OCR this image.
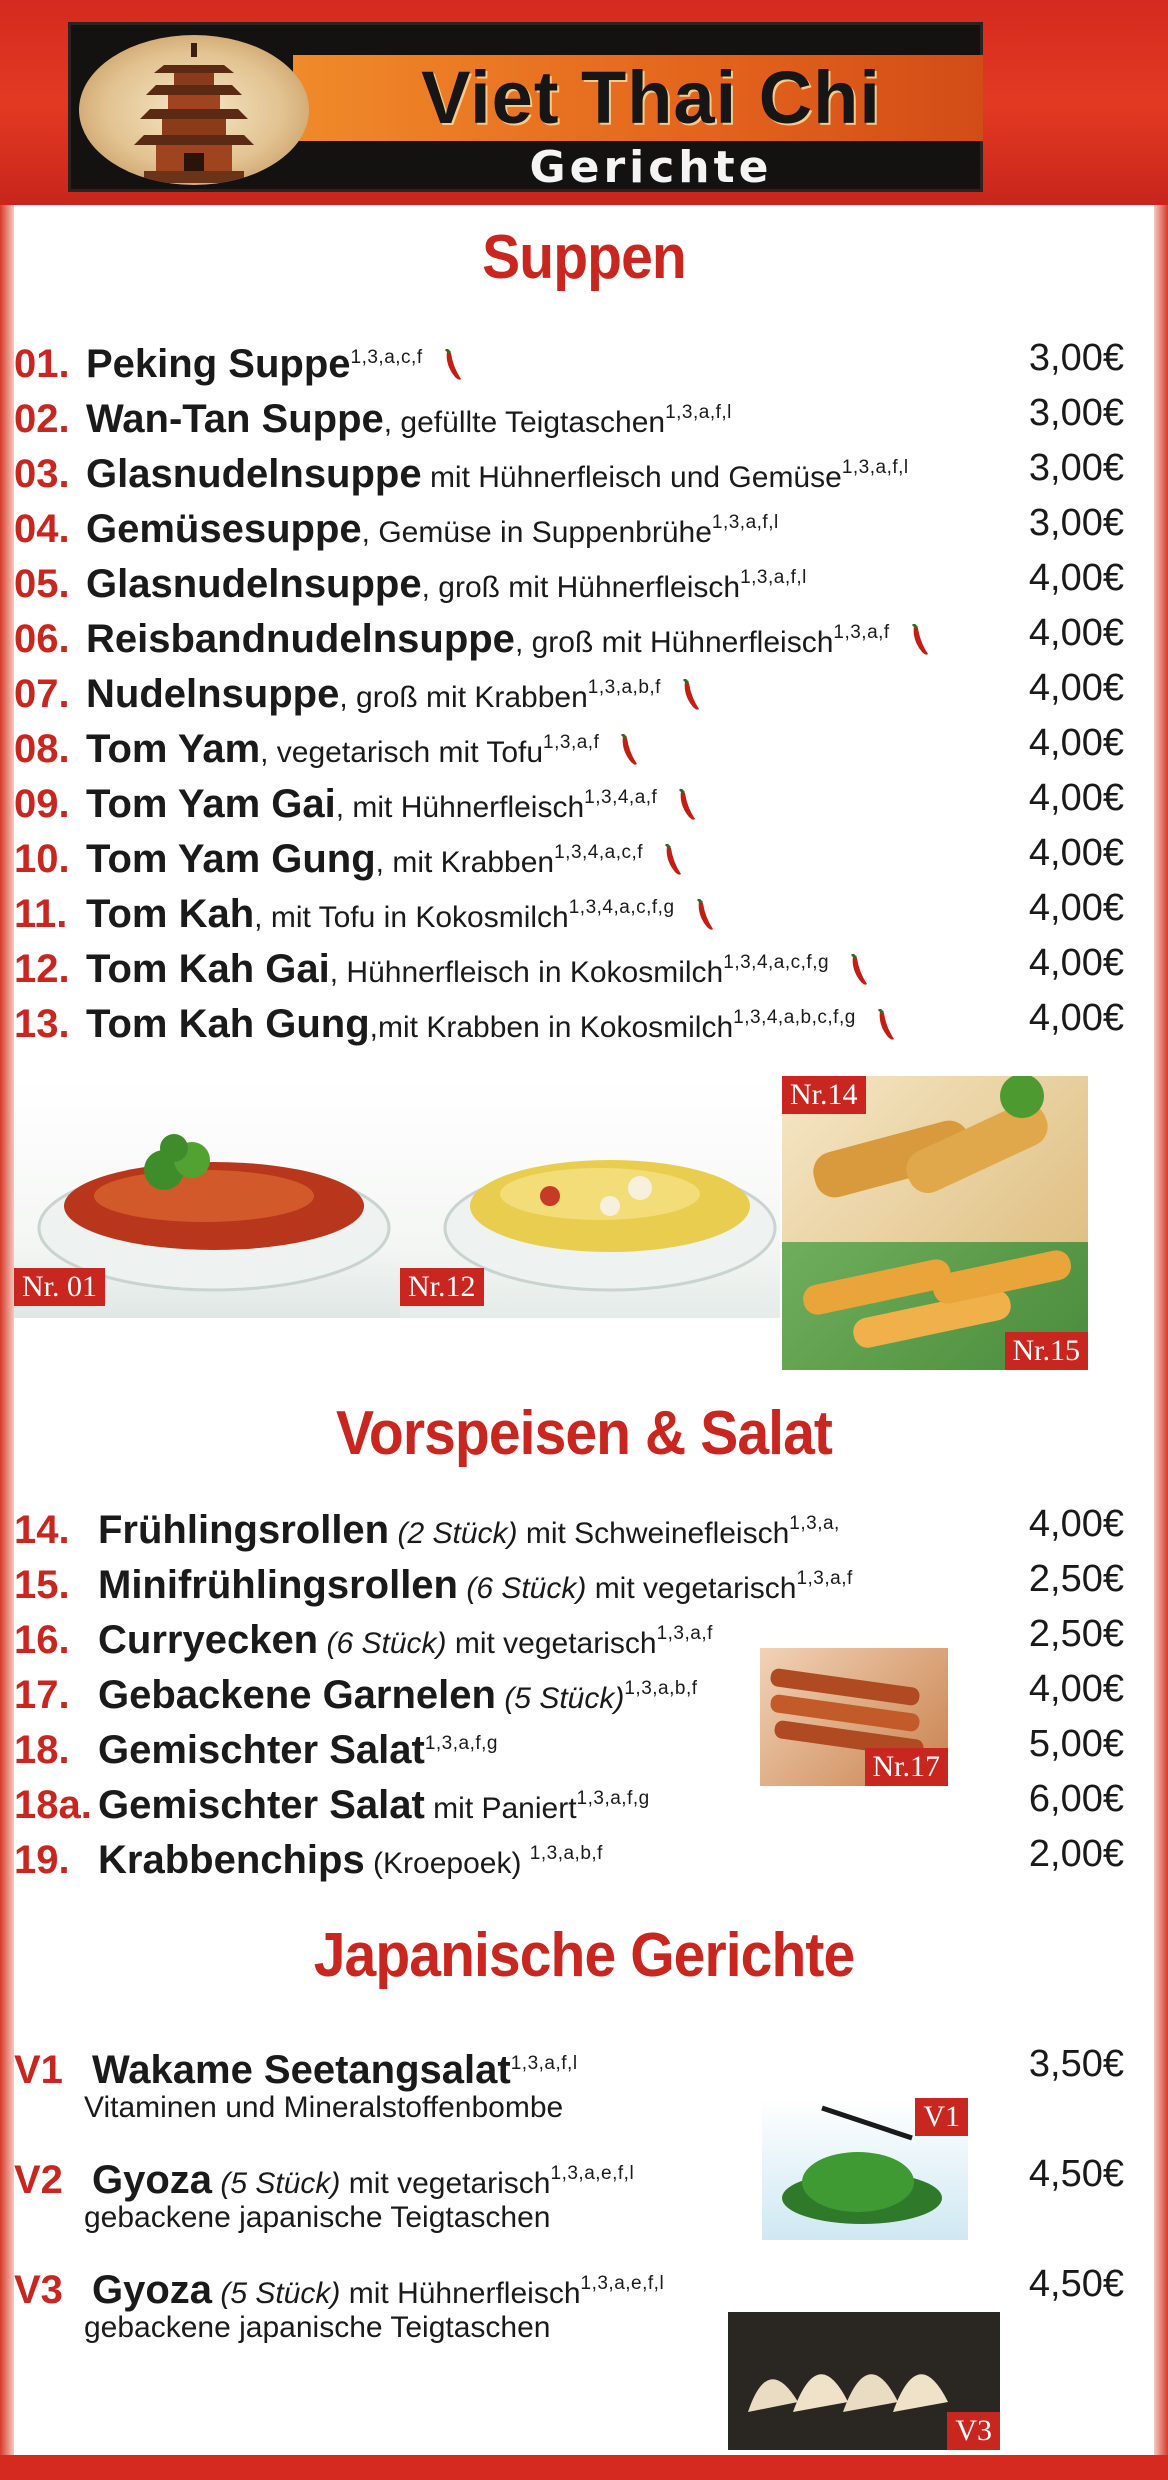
Viet Thai Chi
Gerichte
Suppen
01. Peking Suppe$^{1,3,a,c,f}$	3,00€
02. Wan-Tan Suppe, gefüllte Teigtaschen$^{1,3,a,f,l}$	3,00€
03. Glasnudelnsuppe mit Hühnerfleisch und Gemüse$^{1,3,a,f,l}$	3,00€
04. Gemüsesuppe, Gemüse in Suppenbrühe$^{1,3,a,f,l}$	3,00€
05. Glasnudelnsuppe, groß mit Hühnerfleisch$^{1,3,a,f,l}$	4,00€
06. Reisbandnudelnsuppe, groß mit Hühnerfleisch$^{1,3,a,f}$	4,00€
07. Nudelnsuppe, groß mit Krabben$^{1,3,a,b,f}$	4,00€
08. Tom Yam, vegetarisch mit Tofu$^{1,3,a,f}$	4,00€
09. Tom Yam Gai, mit Hühnerfleisch$^{1,3,4,a,f}$	4,00€
10. Tom Yam Gung, mit Krabben$^{1,3,4,a,c,f}$	4,00€
11. Tom Kah, mit Tofu in Kokosmilch$^{1,3,4,a,c,f,g}$	4,00€
12. Tom Kah Gai, Hühnerfleisch in Kokosmilch$^{1,3,4,a,c,f,g}$	4,00€
13. Tom Kah Gung,mit Krabben in Kokosmilch$^{1,3,4,a,b,c,f,g}$	4,00€
Nr. 01	Nr.12
Nr.14
Nr.15
Vorspeisen & Salat
14. Frühlingsrollen (2 Stück) mit Schweinefleisch$^{1,3,a,}$	4,00€
15. Minifrühlingsrollen (6 Stück) mit vegetarisch$^{1,3,a,f}$	2,50€
16. Curryecken (6 Stück) mit vegetarisch$^{1,3,a,f}$	2,50€
17. Gebackene Garnelen (5 Stück)$^{1,3,a,b,f}$	4,00€
18. Gemischter Salat$^{1,3,a,f,g}$	5,00€
18a. Gemischter Salat mit Paniert$^{1,3,a,f,g}$	6,00€
19. Krabbenchips (Kroepoek) $^{1,3,a,b,f}$	2,00€
Nr.17
Japanische Gerichte
V1 Wakame Seetangsalat$^{1,3,a,f,l}$	3,50€
Vitaminen und Mineralstoffenbombe
V2 Gyoza (5 Stück) mit vegetarisch$^{1,3,a,e,f,l}$	4,50€
gebackene japanische Teigtaschen
V3 Gyoza (5 Stück) mit Hühnerfleisch$^{1,3,a,e,f,l}$	4,50€
gebackene japanische Teigtaschen
V1
V3
